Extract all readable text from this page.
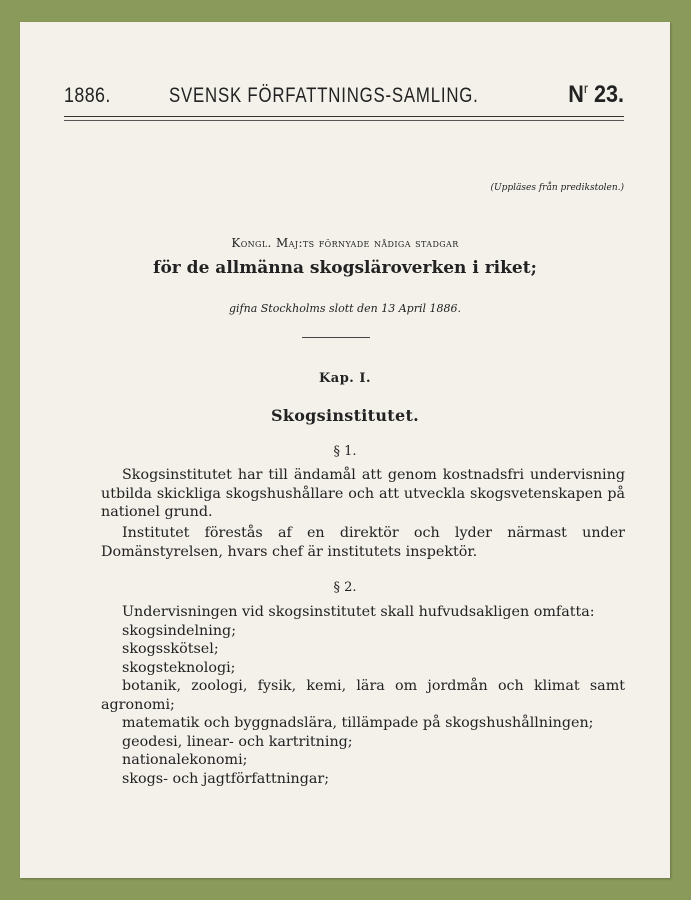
1886.	SVENSK FÖRFATTNINGS-SAMLING.	$N^r$ 23.
(Uppläses från predikstolen.)
Kongl. Maj:ts förnyade nådiga stadgar
för de allmänna skogsläroverken i riket;
gifna Stockholms slott den 13 April 1886.
Kap. I.
Skogsinstitutet.
§ 1.

Skogsinstitutet har till ändamål att genom kostnadsfri undervisning utbilda skickliga skogshushållare och att utveckla skogsvetenskapen på nationel grund.

Institutet förestås af en direktör och lyder närmast under Domänstyrelsen, hvars chef är institutets inspektör.

§ 2.

Undervisningen vid skogsinstitutet skall hufvudsakligen omfatta:

skogsindelning;

skogsskötsel;

skogsteknologi;

botanik, zoologi, fysik, kemi, lära om jordmån och klimat samt agronomi;

matematik och byggnadslära, tillämpade på skogshushållningen;

geodesi, linear- och kartritning;

nationalekonomi;

skogs- och jagtförfattningar;
